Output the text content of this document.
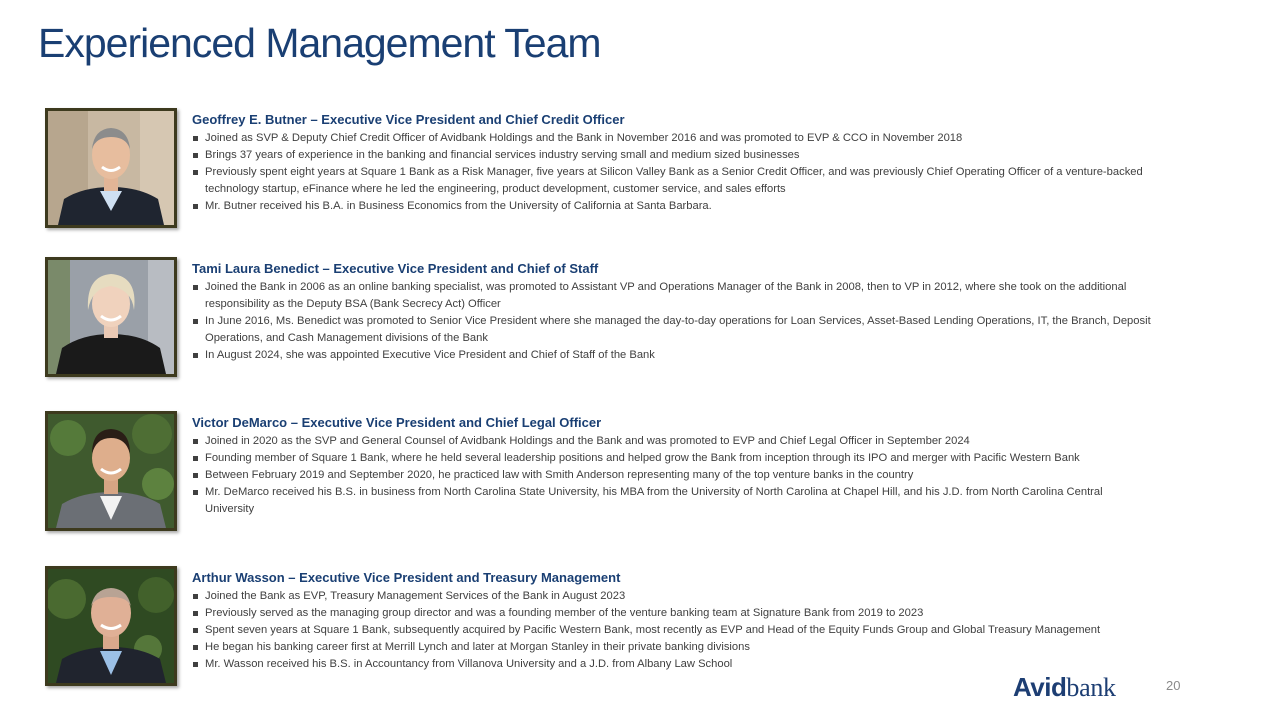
Experienced Management Team

Geoffrey E. Butner – Executive Vice President and Chief Credit Officer

Joined as SVP & Deputy Chief Credit Officer of Avidbank Holdings and the Bank in November 2016 and was promoted to EVP & CCO in November 2018
Brings 37 years of experience in the banking and financial services industry serving small and medium sized businesses
Previously spent eight years at Square 1 Bank as a Risk Manager, five years at Silicon Valley Bank as a Senior Credit Officer, and was previously Chief Operating Officer of a venture-backed technology startup, eFinance where he led the engineering, product development, customer service, and sales efforts
Mr. Butner received his B.A. in Business Economics from the University of California at Santa Barbara.

Tami Laura Benedict – Executive Vice President and Chief of Staff

Joined the Bank in 2006 as an online banking specialist, was promoted to Assistant VP and Operations Manager of the Bank in 2008, then to VP in 2012, where she took on the additional responsibility as the Deputy BSA (Bank Secrecy Act) Officer
In June 2016, Ms. Benedict was promoted to Senior Vice President where she managed the day-to-day operations for Loan Services, Asset-Based Lending Operations, IT, the Branch, Deposit Operations, and Cash Management divisions of the Bank
In August 2024, she was appointed Executive Vice President and Chief of Staff of the Bank

Victor DeMarco – Executive Vice President and Chief Legal Officer

Joined in 2020 as the SVP and General Counsel of Avidbank Holdings and the Bank and was promoted to EVP and Chief Legal Officer in September 2024
Founding member of Square 1 Bank, where he held several leadership positions and helped grow the Bank from inception through its IPO and merger with Pacific Western Bank
Between February 2019 and September 2020, he practiced law with Smith Anderson representing many of the top venture banks in the country
Mr. DeMarco received his B.S. in business from North Carolina State University, his MBA from the University of North Carolina at Chapel Hill, and his J.D. from North Carolina Central University

Arthur Wasson – Executive Vice President and Treasury Management

Joined the Bank as EVP, Treasury Management Services of the Bank in August 2023
Previously served as the managing group director and was a founding member of the venture banking team at Signature Bank from 2019 to 2023
Spent seven years at Square 1 Bank, subsequently acquired by Pacific Western Bank, most recently as EVP and Head of the Equity Funds Group and Global Treasury Management
He began his banking career first at Merrill Lynch and later at Morgan Stanley in their private banking divisions
Mr. Wasson received his B.S. in Accountancy from Villanova University and a J.D. from Albany Law School
Avid bank	20
